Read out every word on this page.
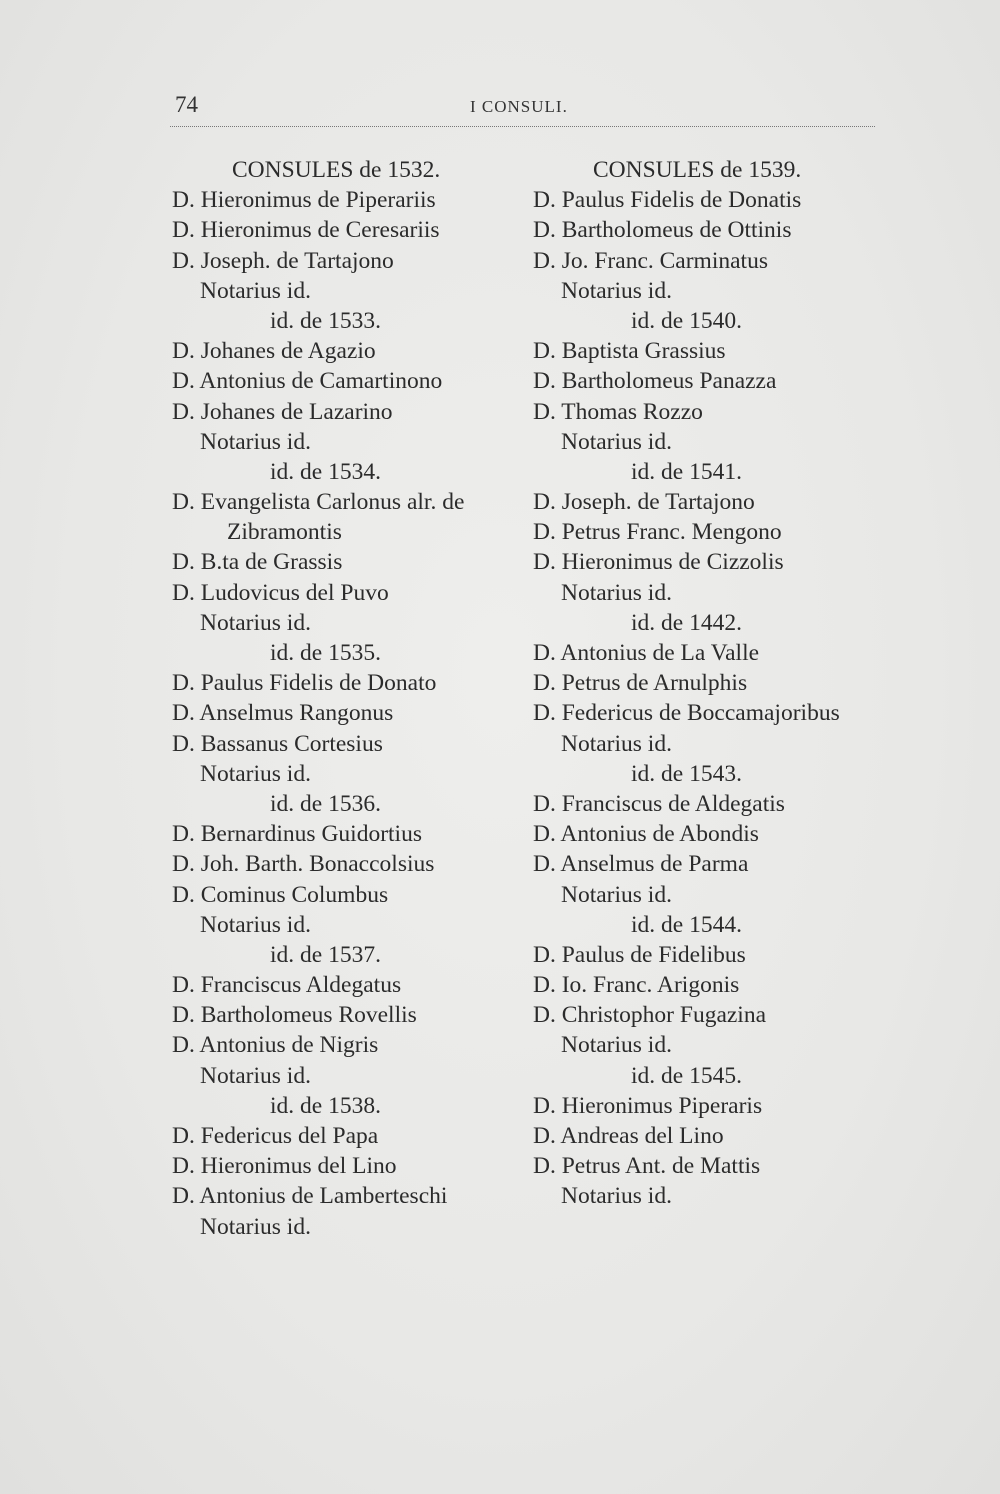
74	I CONSULI.
CONSULES de 1532.
D. Hieronimus de Piperariis
D. Hieronimus de Ceresariis
D. Joseph. de Tartajono
Notarius id.
id. de 1533.
D. Johanes de Agazio
D. Antonius de Camartinono
D. Johanes de Lazarino
Notarius id.
id. de 1534.
D. Evangelista Carlonus alr. de
Zibramontis
D. B.ta de Grassis
D. Ludovicus del Puvo
Notarius id.
id. de 1535.
D. Paulus Fidelis de Donato
D. Anselmus Rangonus
D. Bassanus Cortesius
Notarius id.
id. de 1536.
D. Bernardinus Guidortius
D. Joh. Barth. Bonaccolsius
D. Cominus Columbus
Notarius id.
id. de 1537.
D. Franciscus Aldegatus
D. Bartholomeus Rovellis
D. Antonius de Nigris
Notarius id.
id. de 1538.
D. Federicus del Papa
D. Hieronimus del Lino
D. Antonius de Lamberteschi
Notarius id.
CONSULES de 1539.
D. Paulus Fidelis de Donatis
D. Bartholomeus de Ottinis
D. Jo. Franc. Carminatus
Notarius id.
id. de 1540.
D. Baptista Grassius
D. Bartholomeus Panazza
D. Thomas Rozzo
Notarius id.
id. de 1541.
D. Joseph. de Tartajono
D. Petrus Franc. Mengono
D. Hieronimus de Cizzolis
Notarius id.
id. de 1442.
D. Antonius de La Valle
D. Petrus de Arnulphis
D. Federicus de Boccamajoribus
Notarius id.
id. de 1543.
D. Franciscus de Aldegatis
D. Antonius de Abondis
D. Anselmus de Parma
Notarius id.
id. de 1544.
D. Paulus de Fidelibus
D. Io. Franc. Arigonis
D. Christophor Fugazina
Notarius id.
id. de 1545.
D. Hieronimus Piperaris
D. Andreas del Lino
D. Petrus Ant. de Mattis
Notarius id.
